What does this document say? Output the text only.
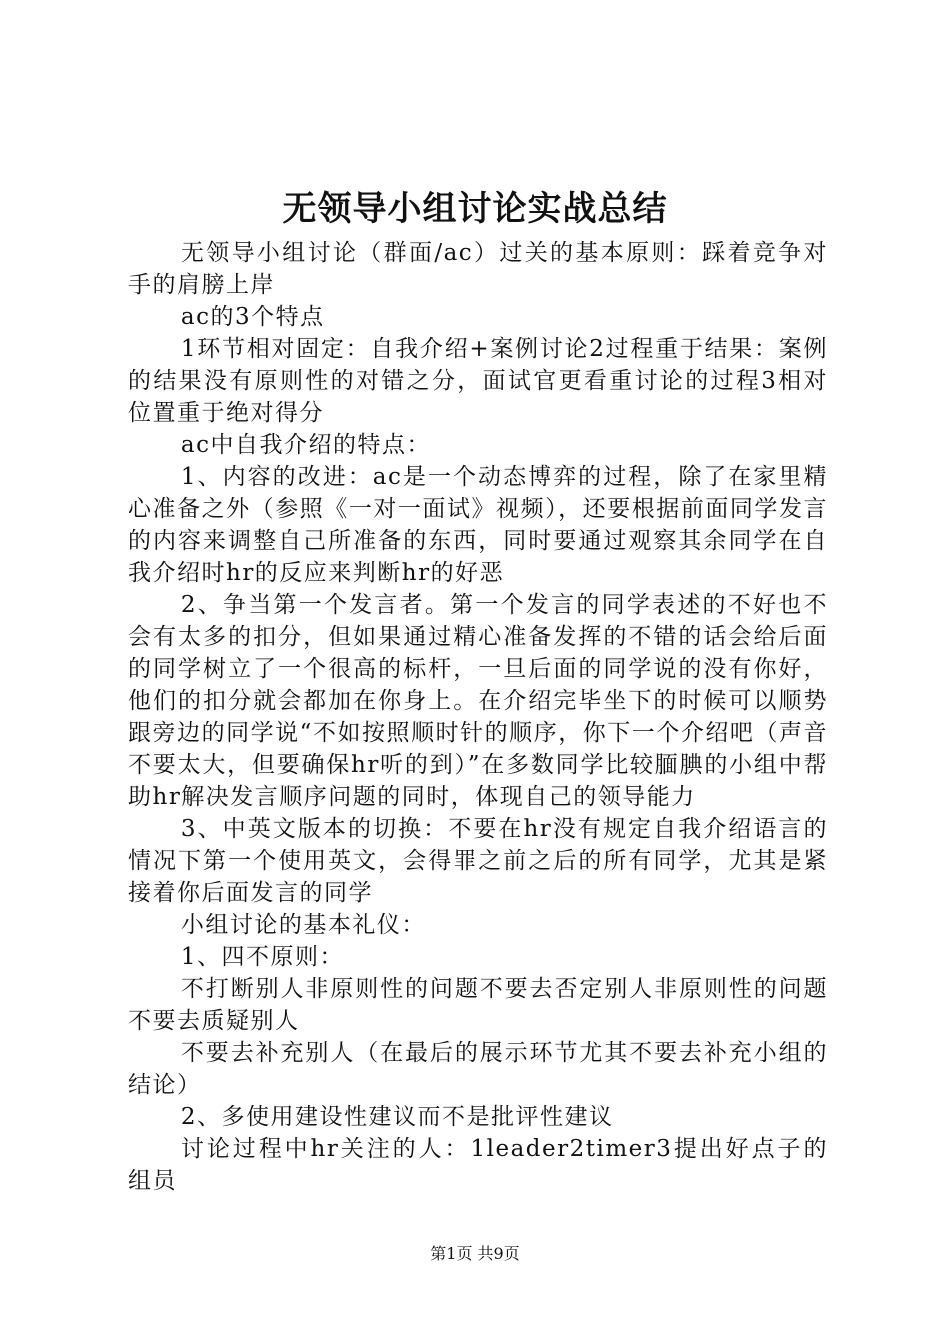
无领导小组讨论实战总结

无领导小组讨论（群面/ac）过关的基本原则：踩着竞争对手的肩膀上岸

ac的3个特点

1环节相对固定：自我介绍+案例讨论2过程重于结果：案例的结果没有原则性的对错之分，面试官更看重讨论的过程3相对位置重于绝对得分

ac中自我介绍的特点：

1、内容的改进：ac是一个动态博弈的过程，除了在家里精心准备之外（参照《一对一面试》视频），还要根据前面同学发言的内容来调整自己所准备的东西，同时要通过观察其余同学在自我介绍时hr的反应来判断hr的好恶

2、争当第一个发言者。第一个发言的同学表述的不好也不会有太多的扣分，但如果通过精心准备发挥的不错的话会给后面的同学树立了一个很高的标杆，一旦后面的同学说的没有你好，他们的扣分就会都加在你身上。在介绍完毕坐下的时候可以顺势跟旁边的同学说“不如按照顺时针的顺序，你下一个介绍吧（声音不要太大，但要确保hr听的到）”在多数同学比较腼腆的小组中帮助hr解决发言顺序问题的同时，体现自己的领导能力

3、中英文版本的切换：不要在hr没有规定自我介绍语言的情况下第一个使用英文，会得罪之前之后的所有同学，尤其是紧接着你后面发言的同学

小组讨论的基本礼仪：

1、四不原则：

不打断别人非原则性的问题不要去否定别人非原则性的问题不要去质疑别人

不要去补充别人（在最后的展示环节尤其不要去补充小组的结论）

2、多使用建设性建议而不是批评性建议

讨论过程中hr关注的人：1leader2timer3提出好点子的组员

第1页 共9页
